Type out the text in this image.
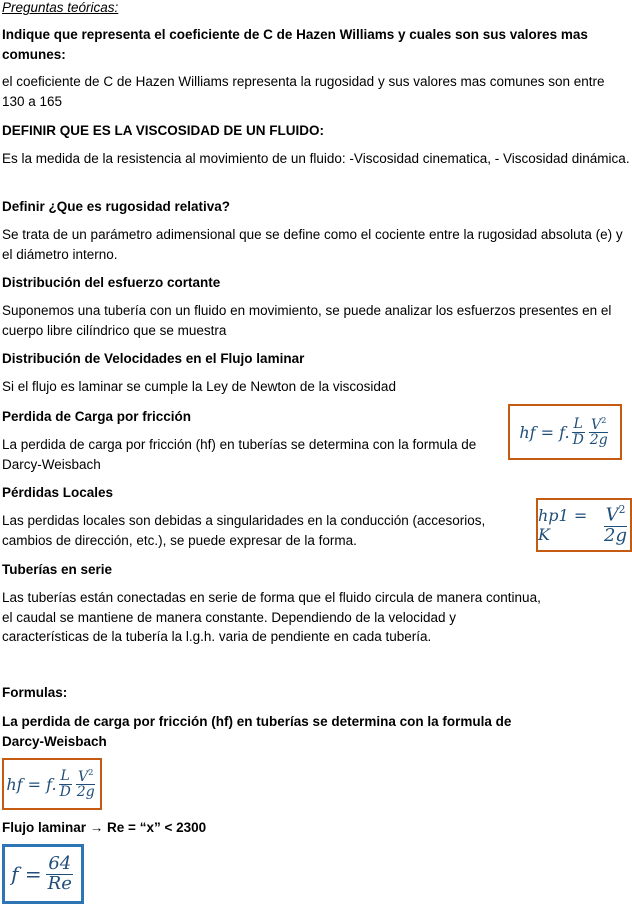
Preguntas teóricas:
Indique que representa el coeficiente de C de Hazen Williams y cuales son sus valores mas comunes:
el coeficiente de C de Hazen Williams representa la rugosidad y sus valores mas comunes son entre 130 a 165
DEFINIR QUE ES LA VISCOSIDAD DE UN FLUIDO:
Es la medida de la resistencia al movimiento de un fluido: -Viscosidad cinematica, - Viscosidad dinámica.
Definir ¿Que es rugosidad relativa?
Se trata de un parámetro adimensional que se define como el cociente entre la rugosidad absoluta (e) y el diámetro interno.
Distribución del esfuerzo cortante
Suponemos una tubería con un fluido en movimiento, se puede analizar los esfuerzos presentes en el cuerpo libre cilíndrico que se muestra
Distribución de Velocidades en el Flujo laminar
Si el flujo es laminar se cumple la Ley de Newton de la viscosidad
Perdida de Carga por fricción
La perdida de carga por fricción (hf) en tuberías se determina con la formula de Darcy-Weisbach
Pérdidas Locales
Las perdidas locales son debidas a singularidades en la conducción (accesorios, cambios de dirección, etc.), se puede expresar de la forma.
Tuberías en serie
Las tuberías están conectadas en serie de forma que el fluido circula de manera continua, el caudal se mantiene de manera constante. Dependiendo de la velocidad y características de la tubería la l.g.h. varia de pendiente en cada tubería.
Formulas:
La perdida de carga por fricción (hf) en tuberías se determina con la formula de Darcy-Weisbach
Flujo laminar → Re = “x” < 2300
hf = f. $\frac{L}{D} \frac{V^2}{2g}$
hp1 = K	$\frac{V^2}{2g}$
hf = f. $\frac{L}{D} \frac{V^2}{2g}$
$f = \frac{64}{Re}$
